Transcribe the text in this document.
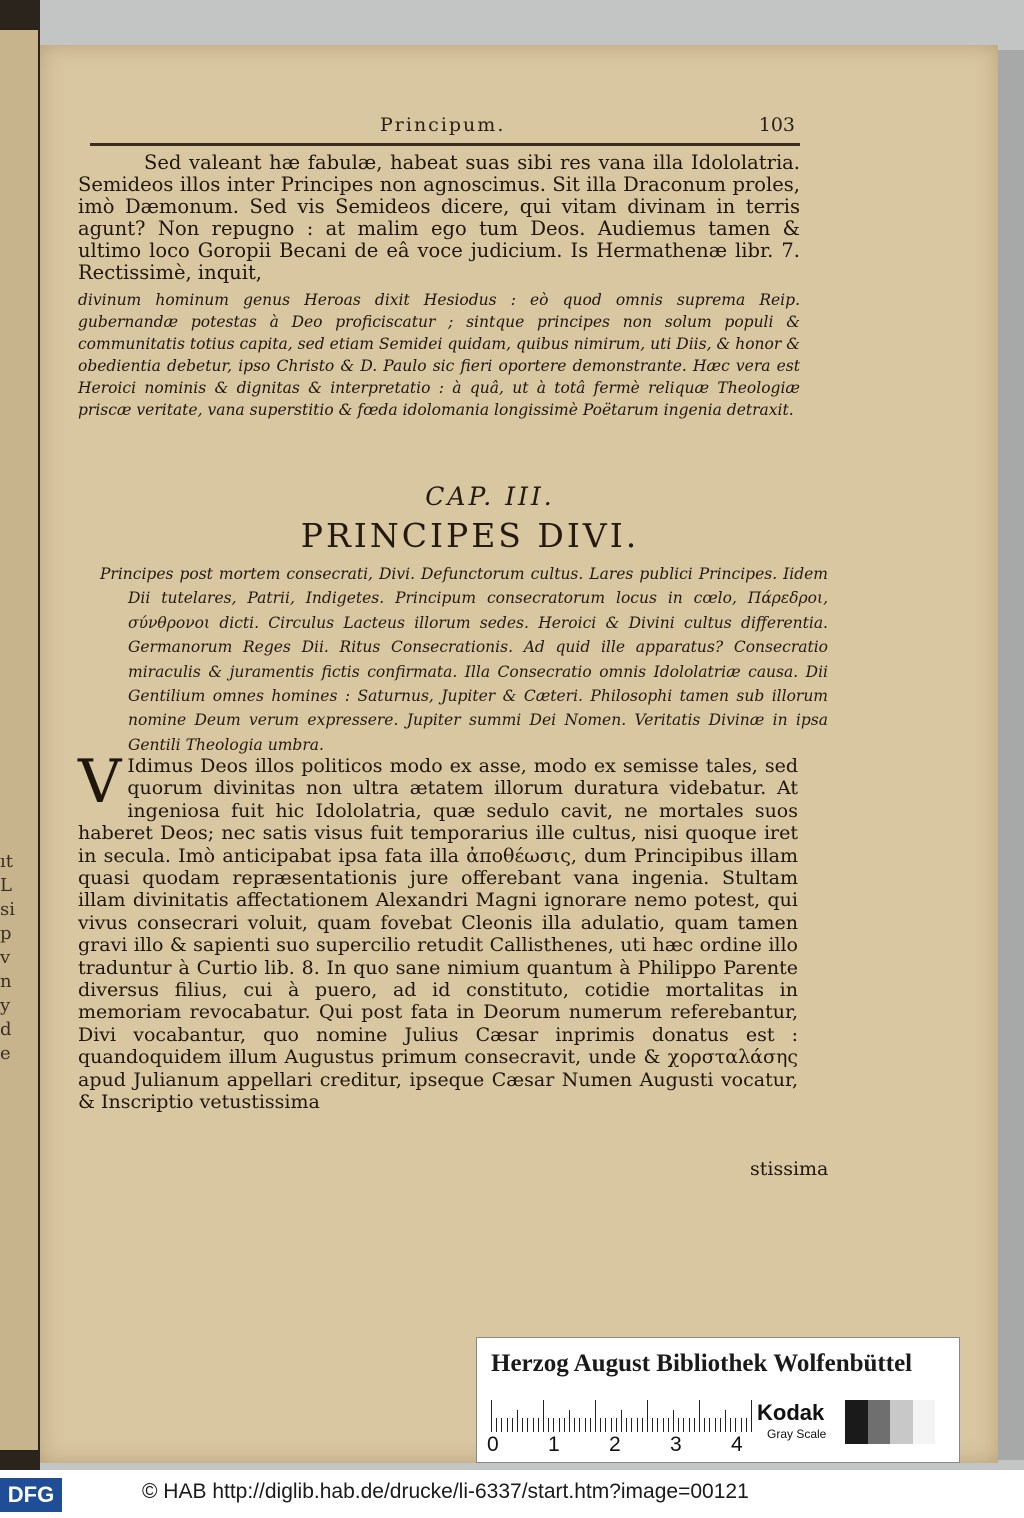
ıt
L
si
p
v
n
y
d
e
Principum.	103
Sed valeant hæ fabulæ, habeat suas sibi res vana illa Idololatria. Semideos illos inter Principes non agnoscimus. Sit illa Draconum proles, imò Dæmonum. Sed vis Semideos dicere, qui vitam divinam in terris agunt? Non repugno : at malim ego tum Deos. Audiemus tamen & ultimo loco Goropii Becani de eâ voce judicium. Is Hermathenæ libr. 7. Rectissimè, inquit,
divinum hominum genus Heroas dixit Hesiodus : eò quod omnis suprema Reip. gubernandæ potestas à Deo proficiscatur ; sintque principes non solum populi & communitatis totius capita, sed etiam Semidei quidam, quibus nimirum, uti Diis, & honor & obedientia debetur, ipso Christo & D. Paulo sic fieri oportere demonstrante. Hæc vera est Heroici nominis & dignitas & interpretatio : à quâ, ut à totâ fermè reliquæ Theologiæ priscæ veritate, vana superstitio & fœda idolomania longissimè Poëtarum ingenia detraxit.
CAP. III.
PRINCIPES DIVI.
Principes post mortem consecrati, Divi. Defunctorum cultus. Lares publici Principes. Iidem Dii tutelares, Patrii, Indigetes. Principum consecratorum locus in cœlo, Πάρεδροι, σύνθρονοι dicti. Circulus Lacteus illorum sedes. Heroici & Divini cultus differentia. Germanorum Reges Dii. Ritus Consecrationis. Ad quid ille apparatus? Consecratio miraculis & juramentis fictis confirmata. Illa Consecratio omnis Idololatriæ causa. Dii Gentilium omnes homines : Saturnus, Jupiter & Cæteri. Philosophi tamen sub illorum nomine Deum verum expressere. Jupiter summi Dei Nomen. Veritatis Divinæ in ipsa Gentili Theologia umbra.
V Idimus Deos illos politicos modo ex asse, modo ex semisse tales, sed quorum divinitas non ultra ætatem illorum duratura videbatur. At ingeniosa fuit hic Idololatria, quæ sedulo cavit, ne mortales suos haberet Deos; nec satis visus fuit temporarius ille cultus, nisi quoque iret in secula. Imò anticipabat ipsa fata illa ἀποθέωσις, dum Principibus illam quasi quodam repræsentationis jure offerebant vana ingenia. Stultam illam divinitatis affectationem Alexandri Magni ignorare nemo potest, qui vivus consecrari voluit, quam fovebat Cleonis illa adulatio, quam tamen gravi illo & sapienti suo supercilio retudit Callisthenes, uti hæc ordine illo traduntur à Curtio lib. 8. In quo sane nimium quantum à Philippo Parente diversus filius, cui à puero, ad id constituto, cotidie mortalitas in memoriam revocabatur. Qui post fata in Deorum numerum referebantur, Divi vocabantur, quo nomine Julius Cæsar inprimis donatus est : quandoquidem illum Augustus primum consecravit, unde & χορσταλάσης apud Julianum appellari creditur, ipseque Cæsar Numen Augusti vocatur, & Inscriptio vetustissima
stissima
Herzog August Bibliothek Wolfenbüttel
0 1 2 3 4
Kodak
Gray Scale
DFG	© HAB http://diglib.hab.de/drucke/li-6337/start.htm?image=00121
